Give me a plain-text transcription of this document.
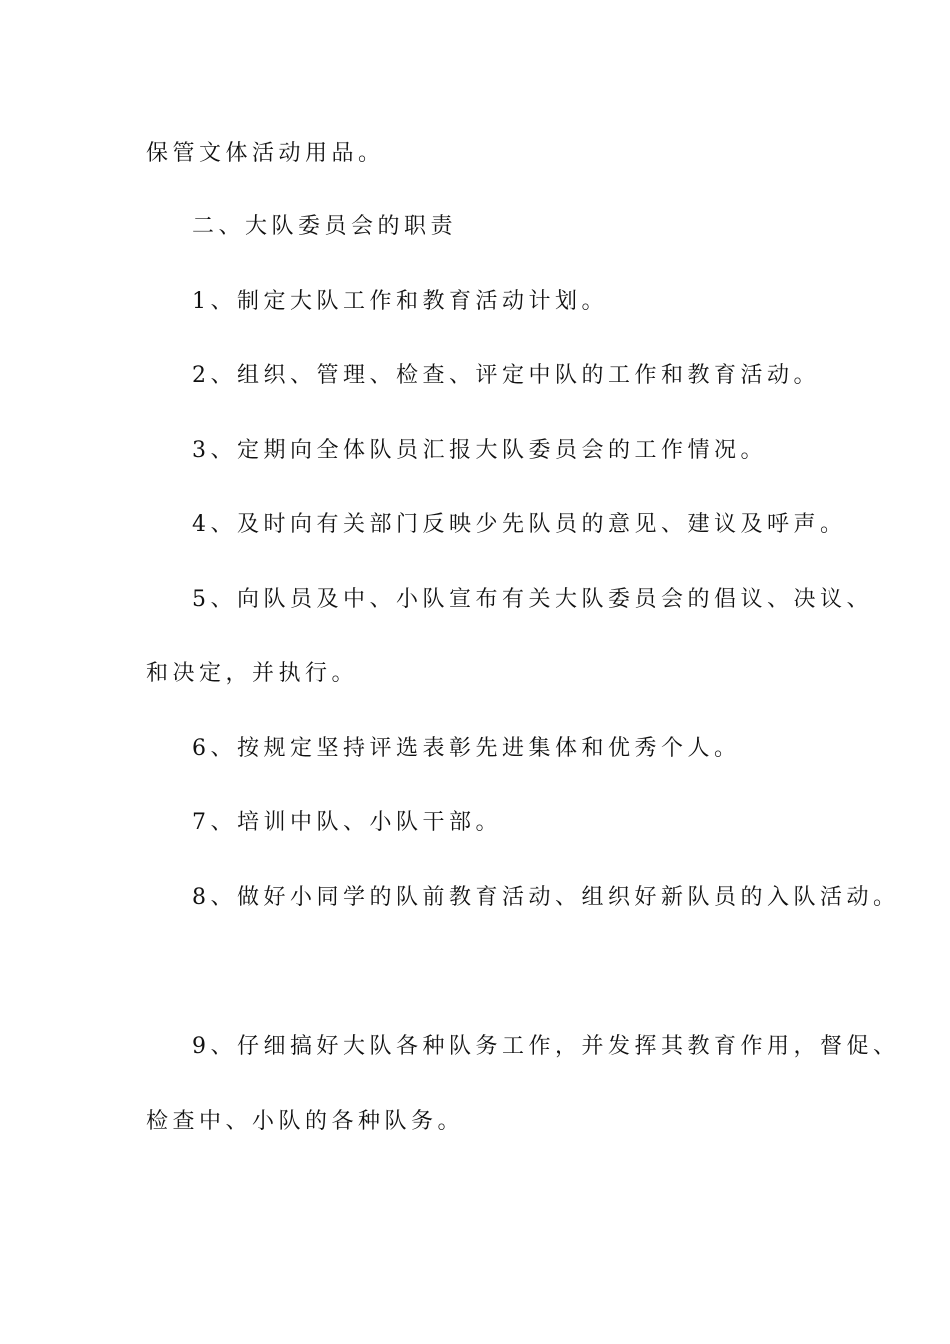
保管文体活动用品。
二、大队委员会的职责
1、制定大队工作和教育活动计划。
2、组织、管理、检查、评定中队的工作和教育活动。
3、定期向全体队员汇报大队委员会的工作情况。
4、及时向有关部门反映少先队员的意见、建议及呼声。
5、向队员及中、小队宣布有关大队委员会的倡议、决议、
和决定，并执行。
6、按规定坚持评选表彰先进集体和优秀个人。
7、培训中队、小队干部。
8、做好小同学的队前教育活动、组织好新队员的入队活动。
9、仔细搞好大队各种队务工作，并发挥其教育作用，督促、
检查中、小队的各种队务。
